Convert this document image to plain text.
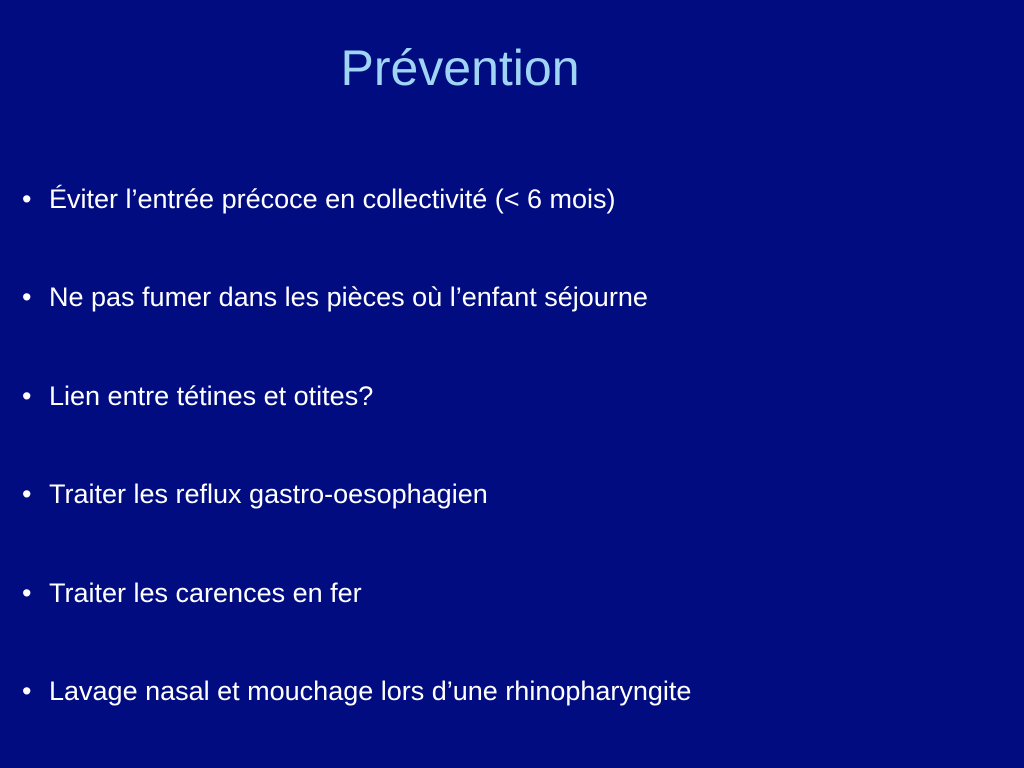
Prévention
• Éviter l’entrée précoce en collectivité (< 6 mois)
• Ne pas fumer dans les pièces où l’enfant séjourne
• Lien entre tétines et otites?
• Traiter les reflux gastro-oesophagien
• Traiter les carences en fer
• Lavage nasal et mouchage lors d’une rhinopharyngite
